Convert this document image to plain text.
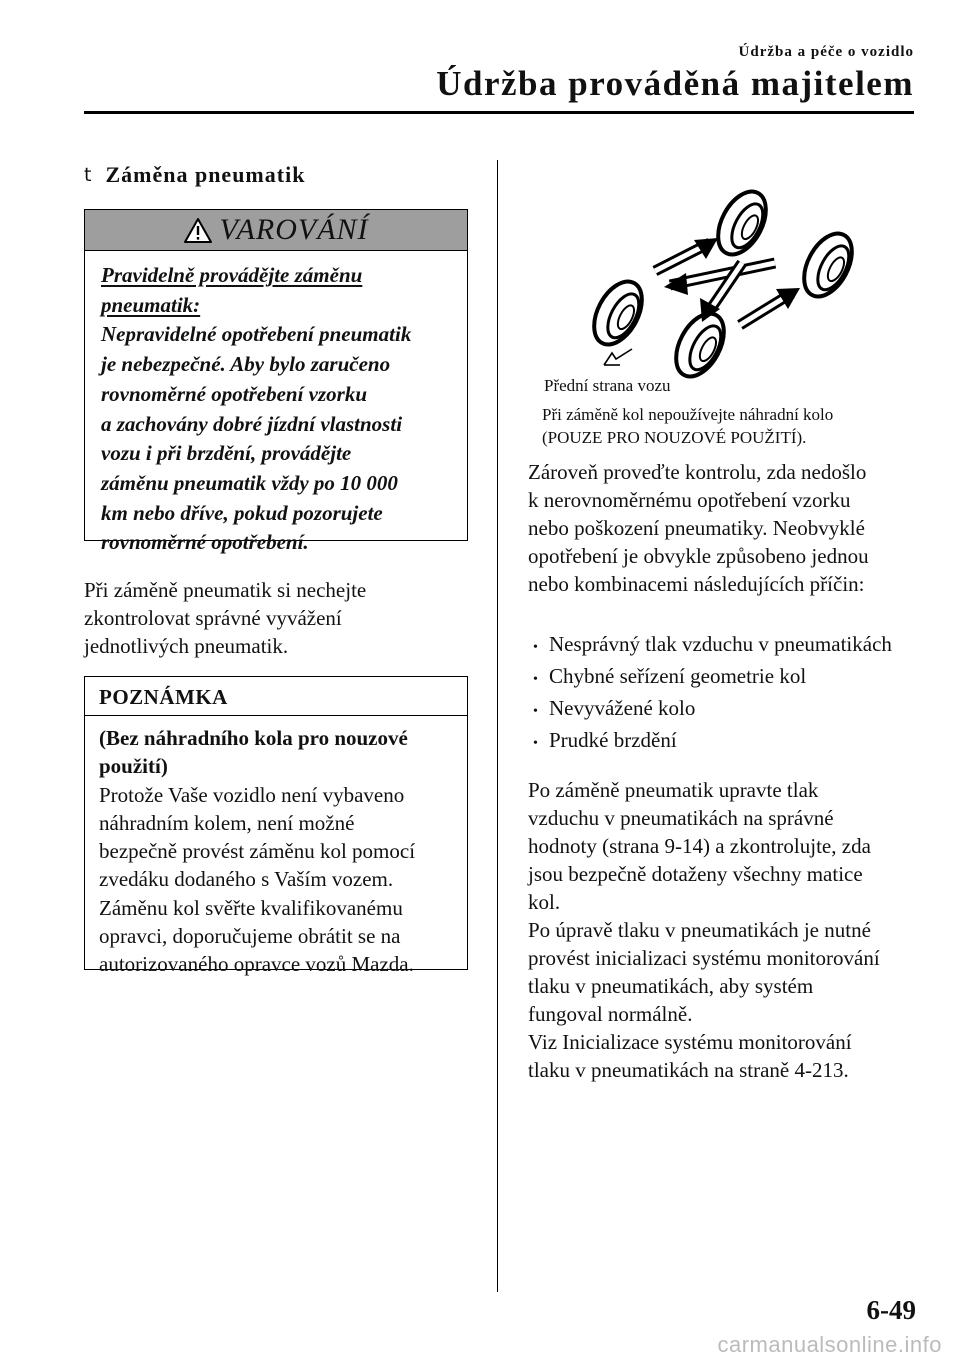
Údržba a péče o vozidlo
Údržba prováděná majitelem
t Záměna pneumatik
VAROVÁNÍ
Pravidelně provádějte záměnu
pneumatik:
Nepravidelné opotřebení pneumatik
je nebezpečné. Aby bylo zaručeno
rovnoměrné opotřebení vzorku
a zachovány dobré jízdní vlastnosti
vozu i při brzdění, provádějte
záměnu pneumatik vždy po 10 000
km nebo dříve, pokud pozorujete
rovnoměrné opotřebení.
Při záměně pneumatik si nechejte
zkontrolovat správné vyvážení
jednotlivých pneumatik.
POZNÁMKA
(Bez náhradního kola pro nouzové
použití)
Protože Vaše vozidlo není vybaveno
náhradním kolem, není možné
bezpečně provést záměnu kol pomocí
zvedáku dodaného s Vaším vozem.
Záměnu kol svěřte kvalifikovanému
opravci, doporučujeme obrátit se na
autorizovaného opravce vozů Mazda.
Přední strana vozu
Při záměně kol nepoužívejte náhradní kolo
(POUZE PRO NOUZOVÉ POUŽITÍ).
Zároveň proveďte kontrolu, zda nedošlo
k nerovnoměrnému opotřebení vzorku
nebo poškození pneumatiky. Neobvyklé
opotřebení je obvykle způsobeno jednou
nebo kombinacemi následujících příčin:
• Nesprávný tlak vzduchu v pneumatikách
• Chybné seřízení geometrie kol
• Nevyvážené kolo
• Prudké brzdění
Po záměně pneumatik upravte tlak
vzduchu v pneumatikách na správné
hodnoty (strana 9-14) a zkontrolujte, zda
jsou bezpečně dotaženy všechny matice
kol.
Po úpravě tlaku v pneumatikách je nutné
provést inicializaci systému monitorování
tlaku v pneumatikách, aby systém
fungoval normálně.
Viz Inicializace systému monitorování
tlaku v pneumatikách na straně 4-213.
6-49
carmanualsonline.info
